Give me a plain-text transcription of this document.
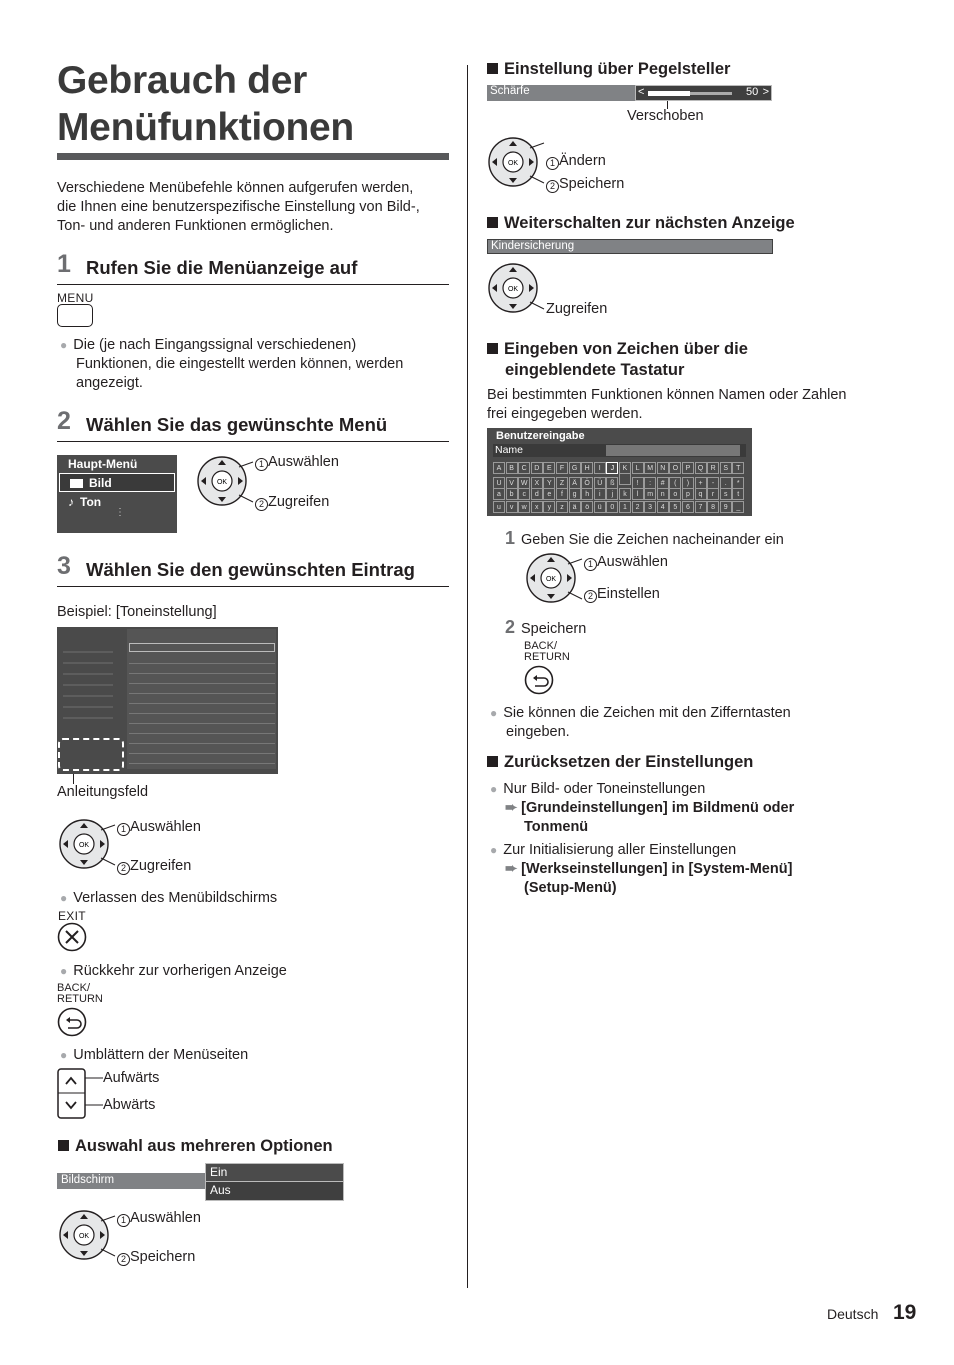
Gebrauch der
Menüfunktionen
Verschiedene Menübefehle können aufgerufen werden,
die Ihnen eine benutzerspezifische Einstellung von Bild-,
Ton- und anderen Funktionen ermöglichen.
1 Rufen Sie die Menüanzeige auf
MENU
● Die (je nach Eingangssignal verschiedenen)
Funktionen, die eingestellt werden können, werden
angezeigt.
2 Wählen Sie das gewünschte Menü
Haupt-Menü
Bild
♪ Ton
⋮
OK
1 Auswählen
2 Zugreifen
3 Wählen Sie den gewünschten Eintrag
Beispiel: [Toneinstellung]
Anleitungsfeld
OK
1 Auswählen
2 Zugreifen
● Verlassen des Menübildschirms
EXIT
● Rückkehr zur vorherigen Anzeige
BACK/
RETURN
● Umblättern der Menüseiten
Aufwärts
Abwärts
Auswahl aus mehreren Optionen
Bildschirm
Ein
Aus
OK
1 Auswählen
2 Speichern
Einstellung über Pegelsteller
Schärfe	<	50 >
Verschoben
OK	1 Ändern
2 Speichern
Weiterschalten zur nächsten Anzeige
Kindersicherung
OK
Zugreifen
Eingeben von Zeichen über die
eingeblendete Tastatur
Bei bestimmten Funktionen können Namen oder Zahlen
frei eingegeben werden.
Benutzereingabe
Name
A B C D E F G H I J K L M N O P Q R S T
U V W X Y Z Ä Ö Ü ß	! : # ( ) + - . *
a b c d e f g h i j k l m n o p q r s t
u v w x y z ä ö ü 0 1 2 3 4 5 6 7 8 9 _
1 Geben Sie die Zeichen nacheinander ein
OK
1 Auswählen
2 Einstellen
2 Speichern
BACK/
RETURN
● Sie können die Zeichen mit den Zifferntasten
eingeben.
Zurücksetzen der Einstellungen
● Nur Bild- oder Toneinstellungen
➨ [Grundeinstellungen] im Bildmenü oder
Tonmenü
● Zur Initialisierung aller Einstellungen
➨ [Werkseinstellungen] in [System-Menü]
(Setup-Menü)
Deutsch 19
